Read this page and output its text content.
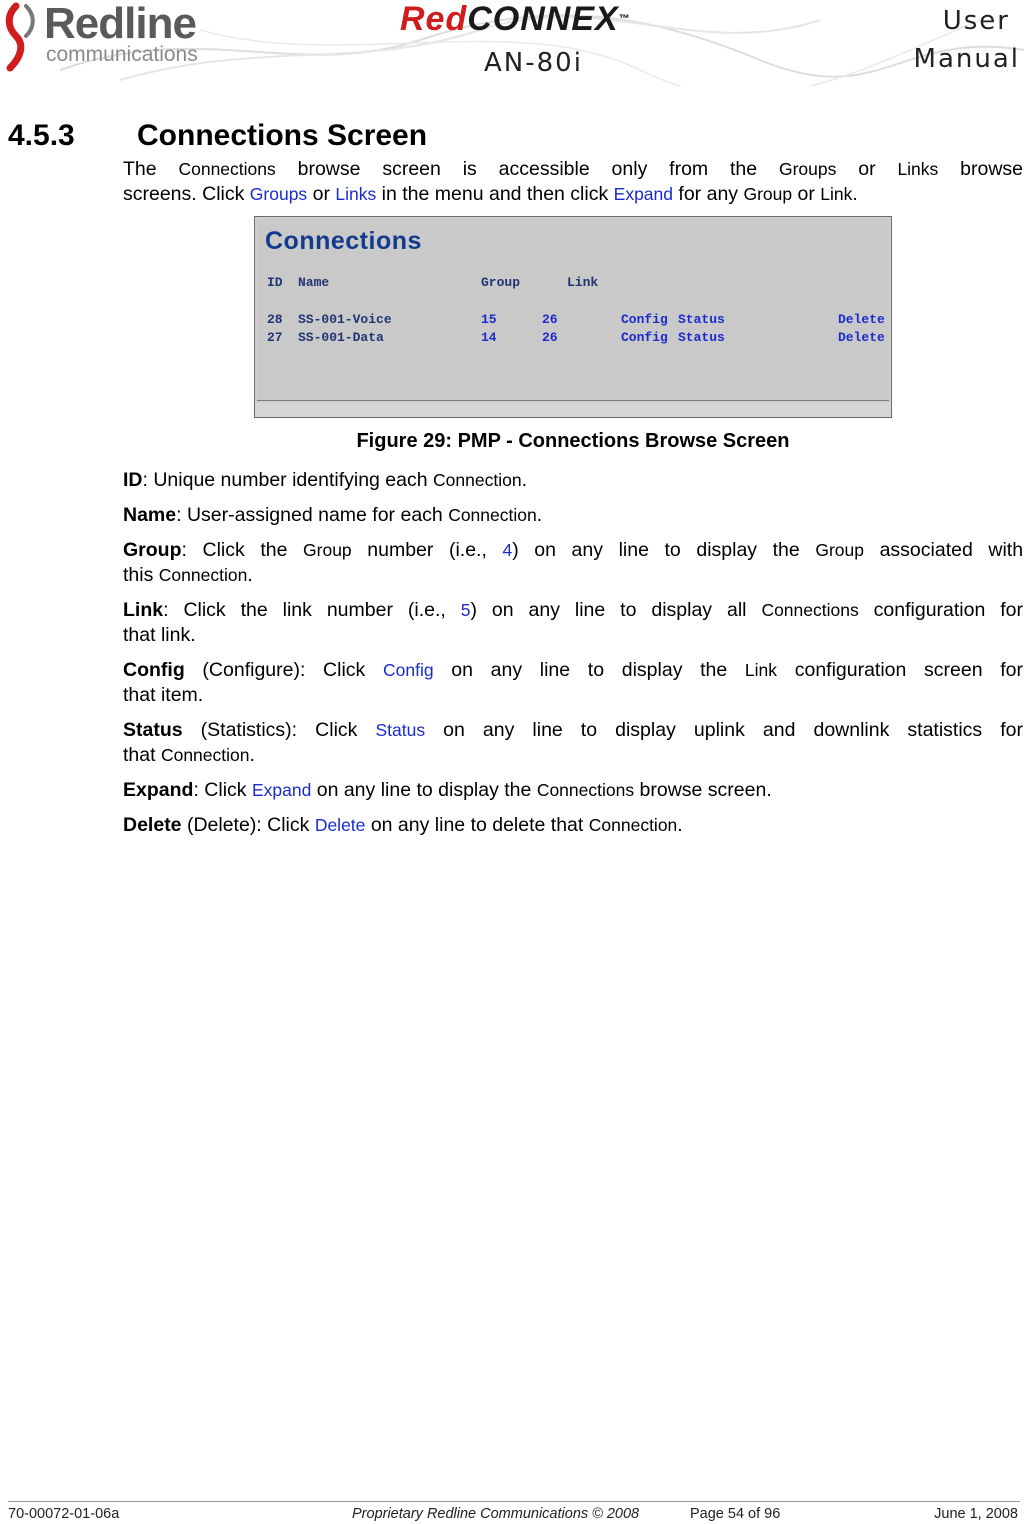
Redline
communications
RedCONNEX™
AN-80i
User
Manual
4.5.3 Connections Screen

The Connections browse screen is accessible only from the Groups or Links browse

screens. Click Groups or Links in the menu and then click Expand for any Group or Link.

Connections
ID Name	Group	Link
28 SS-001-Voice	15	26	Config Status	Delete
27 SS-001-Data	14	26	Config Status	Delete
Figure 29: PMP - Connections Browse Screen

ID: Unique number identifying each Connection.

Name: User-assigned name for each Connection.

Group: Click the Group number (i.e., 4) on any line to display the Group associated with
this Connection.

Link: Click the link number (i.e., 5) on any line to display all Connections configuration for
that link.

Config (Configure): Click Config on any line to display the Link configuration screen for
that item.

Status (Statistics): Click Status on any line to display uplink and downlink statistics for
that Connection.

Expand: Click Expand on any line to display the Connections browse screen.

Delete (Delete): Click Delete on any line to delete that Connection.

70-00072-01-06a	Proprietary Redline Communications © 2008	Page 54 of 96	June 1, 2008
